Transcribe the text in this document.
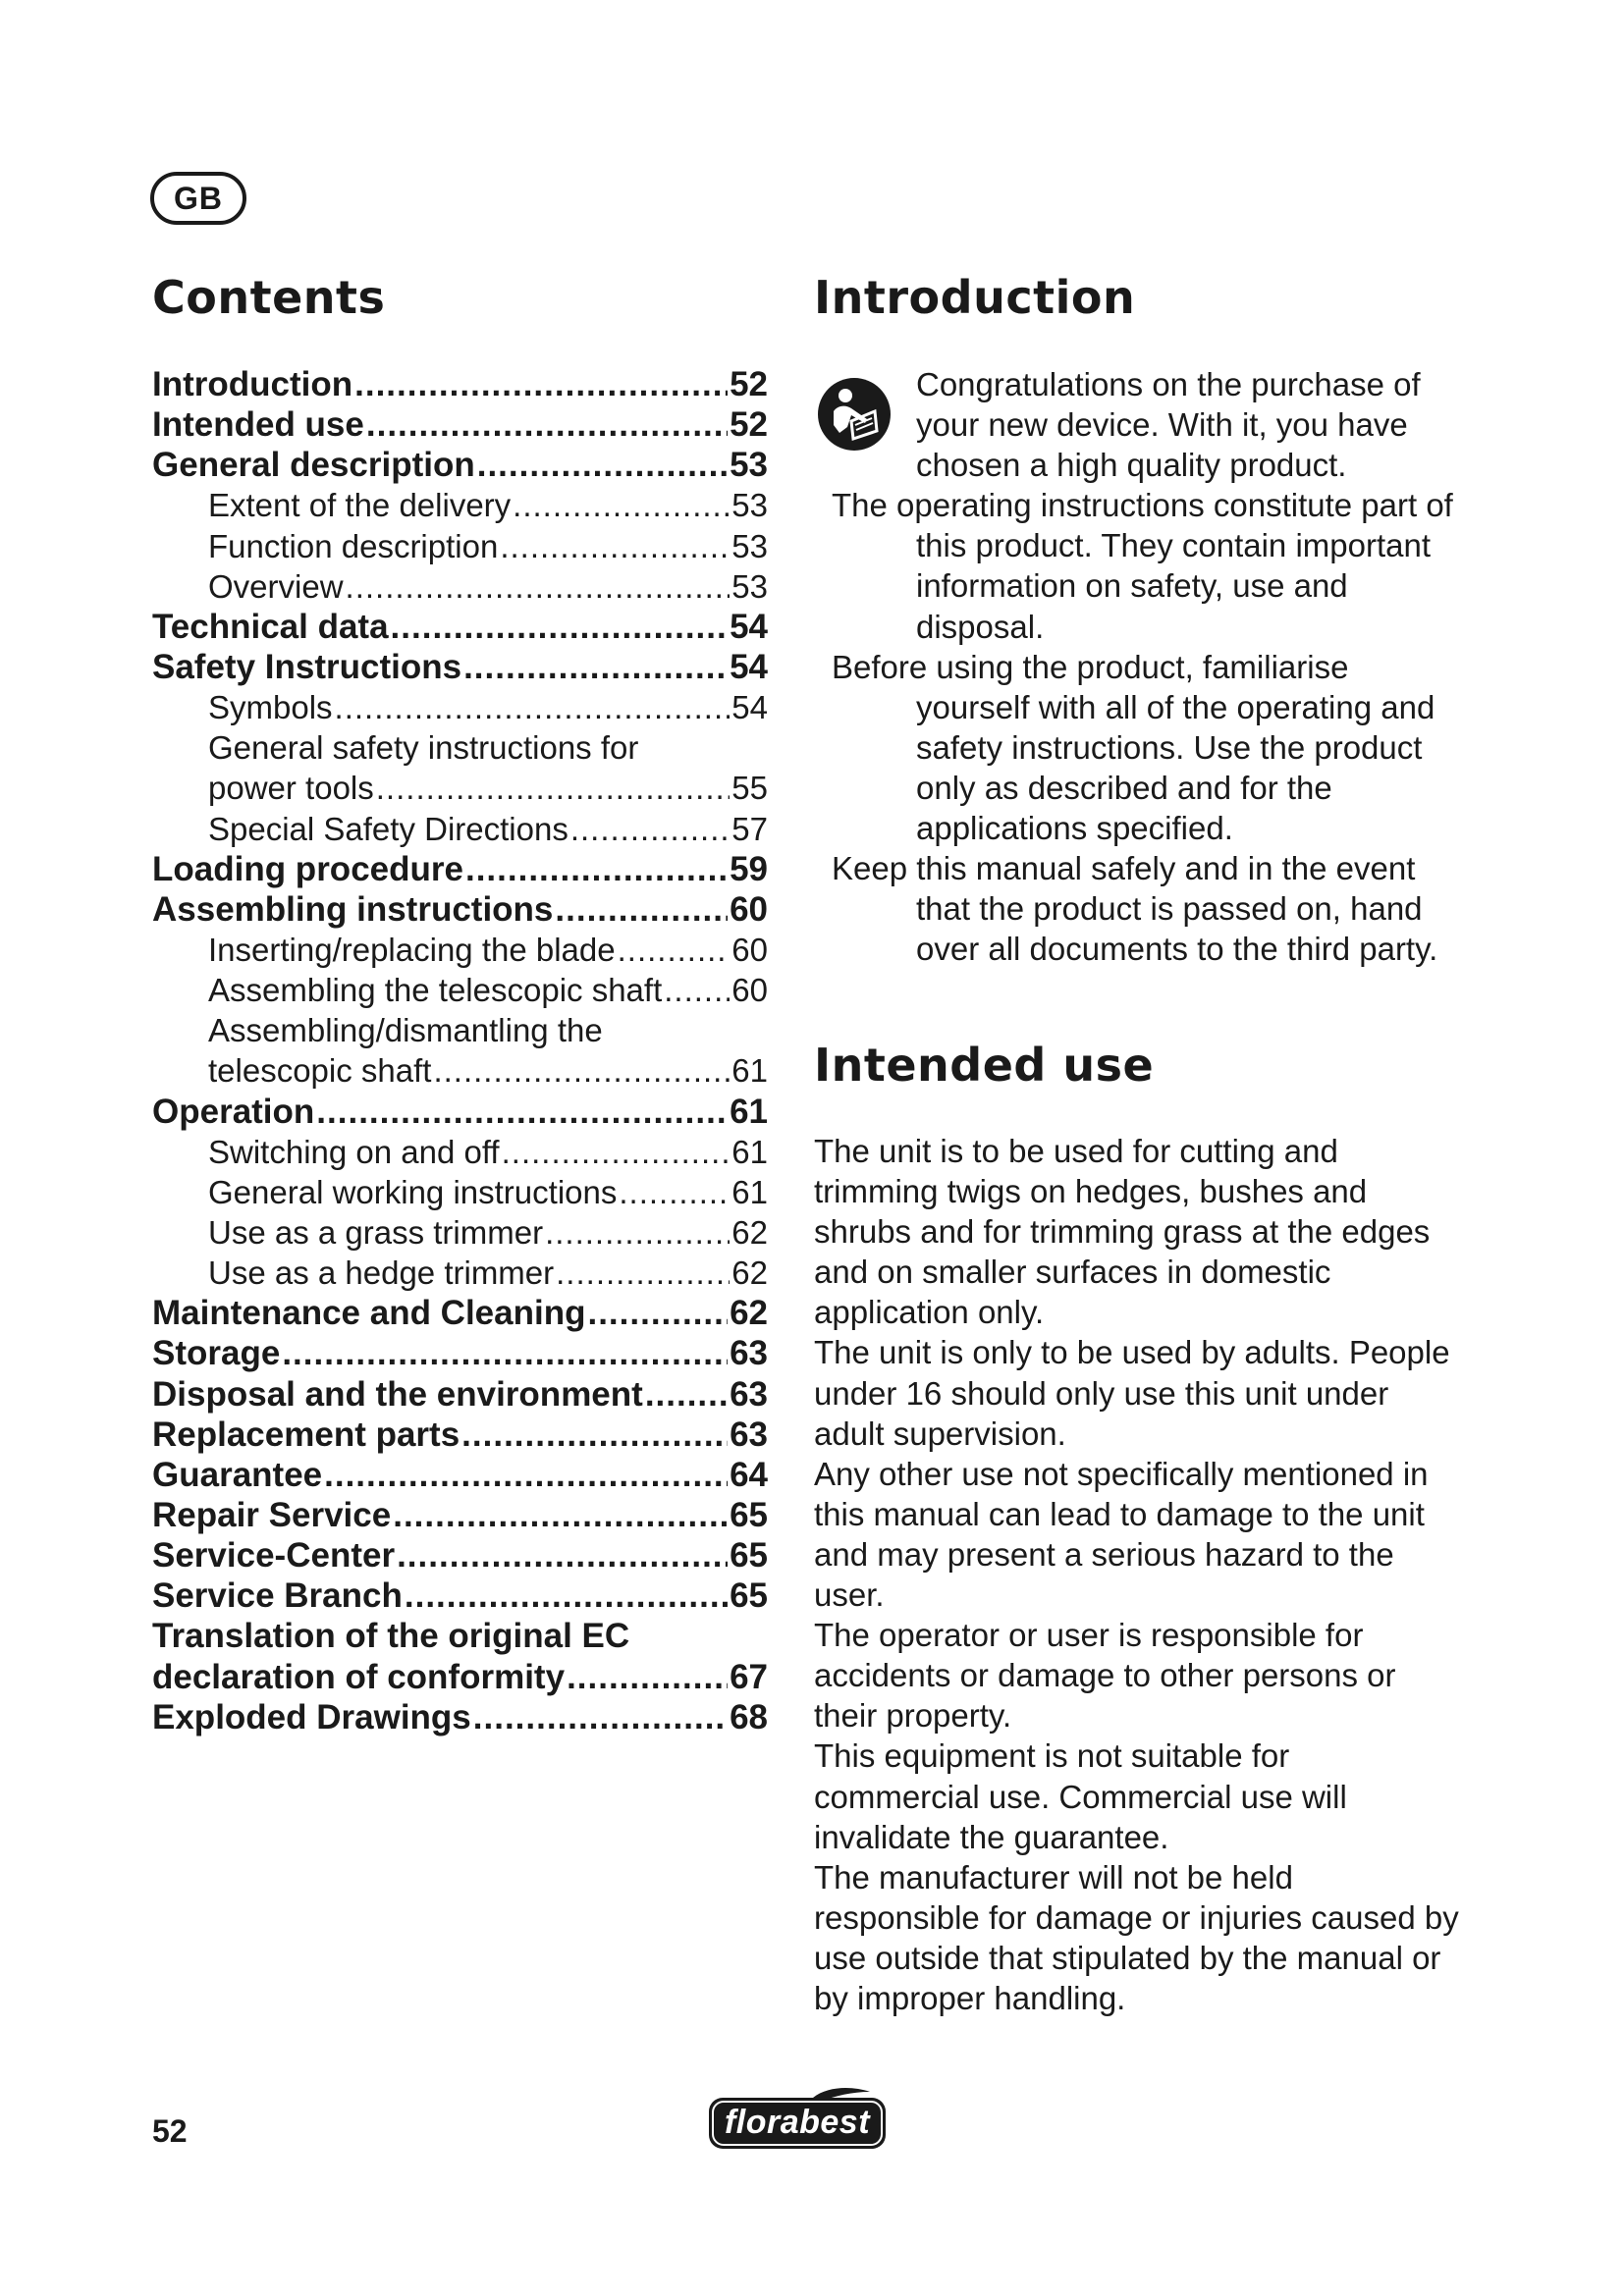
GB
Contents
Introduction .....	52
Intended use .....	52
General description .....	53
Extent of the delivery .....	53
Function description .....	53
Overview .....	53
Technical data .....	54
Safety Instructions .....	54
Symbols .....	54
General safety instructions for
power tools .....	55
Special Safety Directions .....	57
Loading procedure .....	59
Assembling instructions .....	60
Inserting/replacing the blade .....	60
Assembling the telescopic shaft ..... 60
Assembling/dismantling the
telescopic shaft .....	61
Operation .....	61
Switching on and off .....	61
General working instructions .....	61
Use as a grass trimmer .....	62
Use as a hedge trimmer .....	62
Maintenance and Cleaning .....	62
Storage .....	63
Disposal and the environment .....	63
Replacement parts .....	63
Guarantee .....	64
Repair Service .....	65
Service-Center .....	65
Service Branch .....	65
Translation of the original EC
declaration of conformity .....	67
Exploded Drawings .....	68
Introduction

Congratulations on the purchase of your new device. With it, you have chosen a high quality product.

The operating instructions constitute part of this product. They contain important information on safety, use and disposal.

Before using the product, familiarise yourself with all of the operating and safety instructions. Use the product only as described and for the applications specified.

Keep this manual safely and in the event that the product is passed on, hand over all documents to the third party.

Intended use

The unit is to be used for cutting and trimming twigs on hedges, bushes and shrubs and for trimming grass at the edges and on smaller surfaces in domestic application only.

The unit is only to be used by adults. People under 16 should only use this unit under adult supervision.

Any other use not specifically mentioned in this manual can lead to damage to the unit and may present a serious hazard to the user.

The operator or user is responsible for accidents or damage to other persons or their property.

This equipment is not suitable for commercial use. Commercial use will invalidate the guarantee.

The manufacturer will not be held responsible for damage or injuries caused by use outside that stipulated by the manual or by improper handling.

52	florabest
